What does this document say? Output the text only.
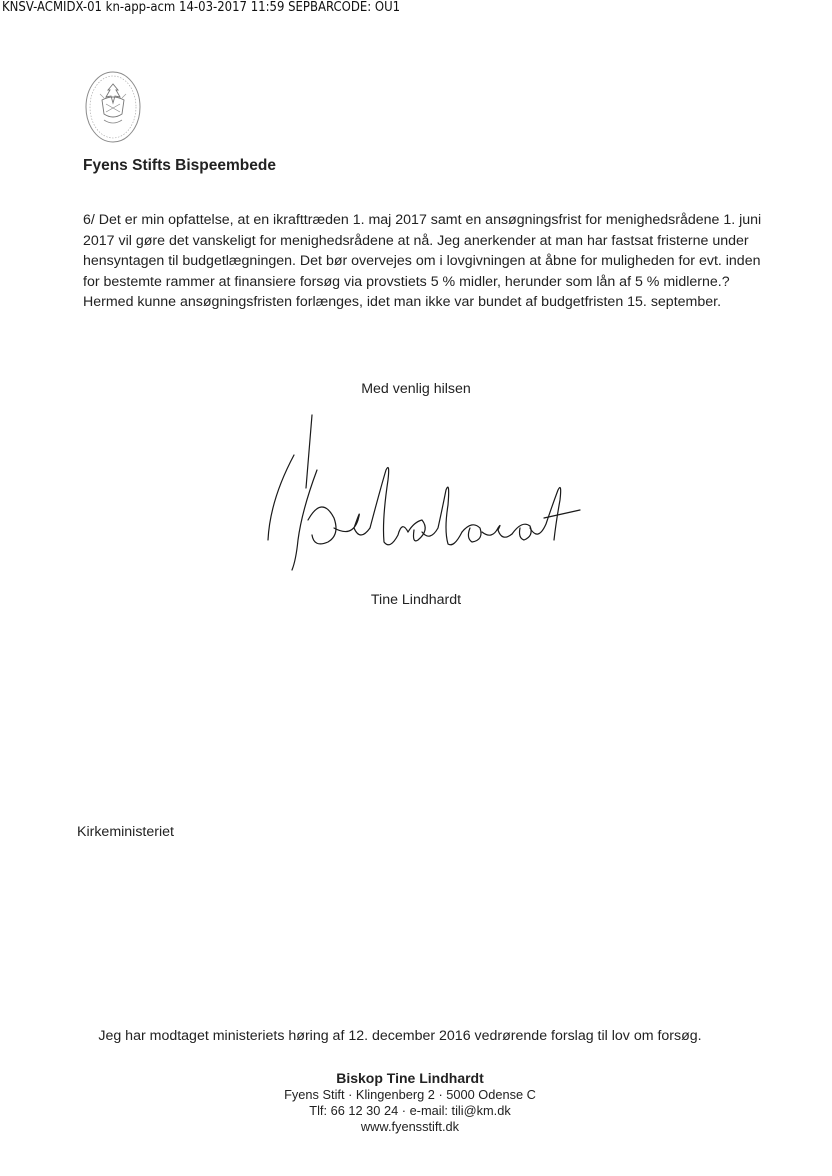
KNSV-ACMIDX-01 kn-app-acm 14-03-2017 11:59 SEPBARCODE: OU1
Fyens Stifts Bispeembede

6/ Det er min opfattelse, at en ikrafttræden 1. maj 2017 samt en ansøgningsfrist for menighedsrådene 1. juni 2017 vil gøre det vanskeligt for menighedsrådene at nå. Jeg anerkender at man har fastsat fristerne under hensyntagen til budgetlægningen. Det bør overvejes om i lovgivningen at åbne for muligheden for evt. inden for bestemte rammer at finansiere forsøg via provstiets 5 % midler, herunder som lån af 5 % midlerne.? Hermed kunne ansøgningsfristen forlænges, idet man ikke var bundet af budgetfristen 15. september.

Med venlig hilsen
Tine Lindhardt
Kirkeministeriet
Jeg har modtaget ministeriets høring af 12. december 2016 vedrørende forslag til lov om forsøg.
Biskop Tine Lindhardt
Fyens Stift · Klingenberg 2 · 5000 Odense C
Tlf: 66 12 30 24 · e-mail: tili@km.dk
www.fyensstift.dk
